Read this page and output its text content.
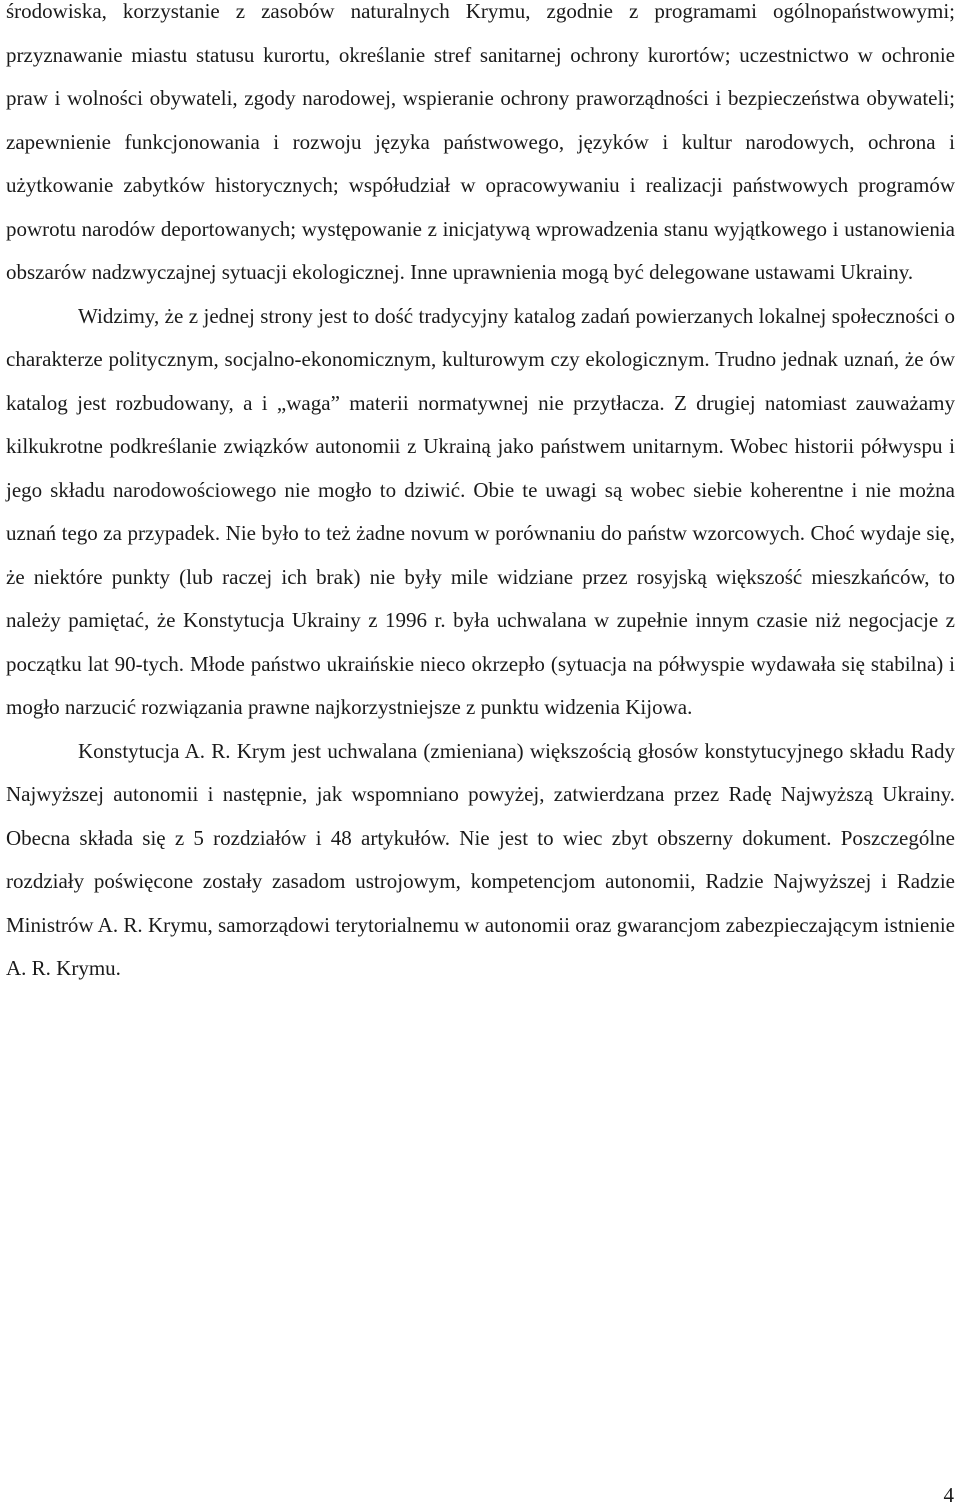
środowiska, korzystanie z zasobów naturalnych Krymu, zgodnie z programami ogólnopaństwowymi; przyznawanie miastu statusu kurortu, określanie stref sanitarnej ochrony kurortów; uczestnictwo w ochronie praw i wolności obywateli, zgody narodowej, wspieranie ochrony praworządności i bezpieczeństwa obywateli; zapewnienie funkcjonowania i rozwoju języka państwowego, języków i kultur narodowych, ochrona i użytkowanie zabytków historycznych; współudział w opracowywaniu i realizacji państwowych programów powrotu narodów deportowanych; występowanie z inicjatywą wprowadzenia stanu wyjątkowego i ustanowienia obszarów nadzwyczajnej sytuacji ekologicznej. Inne uprawnienia mogą być delegowane ustawami Ukrainy.

Widzimy, że z jednej strony jest to dość tradycyjny katalog zadań powierzanych lokalnej społeczności o charakterze politycznym, socjalno-ekonomicznym, kulturowym czy ekologicznym. Trudno jednak uznań, że ów katalog jest rozbudowany, a i „waga” materii normatywnej nie przytłacza. Z drugiej natomiast zauważamy kilkukrotne podkreślanie związków autonomii z Ukrainą jako państwem unitarnym. Wobec historii półwyspu i jego składu narodowościowego nie mogło to dziwić. Obie te uwagi są wobec siebie koherentne i nie można uznań tego za przypadek. Nie było to też żadne novum w porównaniu do państw wzorcowych. Choć wydaje się, że niektóre punkty (lub raczej ich brak) nie były mile widziane przez rosyjską większość mieszkańców, to należy pamiętać, że Konstytucja Ukrainy z 1996 r. była uchwalana w zupełnie innym czasie niż negocjacje z początku lat 90-tych. Młode państwo ukraińskie nieco okrzepło (sytuacja na półwyspie wydawała się stabilna) i mogło narzucić rozwiązania prawne najkorzystniejsze z punktu widzenia Kijowa.

Konstytucja A. R. Krym jest uchwalana (zmieniana) większością głosów konstytucyjnego składu Rady Najwyższej autonomii i następnie, jak wspomniano powyżej, zatwierdzana przez Radę Najwyższą Ukrainy. Obecna składa się z 5 rozdziałów i 48 artykułów. Nie jest to wiec zbyt obszerny dokument. Poszczególne rozdziały poświęcone zostały zasadom ustrojowym, kompetencjom autonomii, Radzie Najwyższej i Radzie Ministrów A. R. Krymu, samorządowi terytorialnemu w autonomii oraz gwarancjom zabezpieczającym istnienie A. R. Krymu.

4
